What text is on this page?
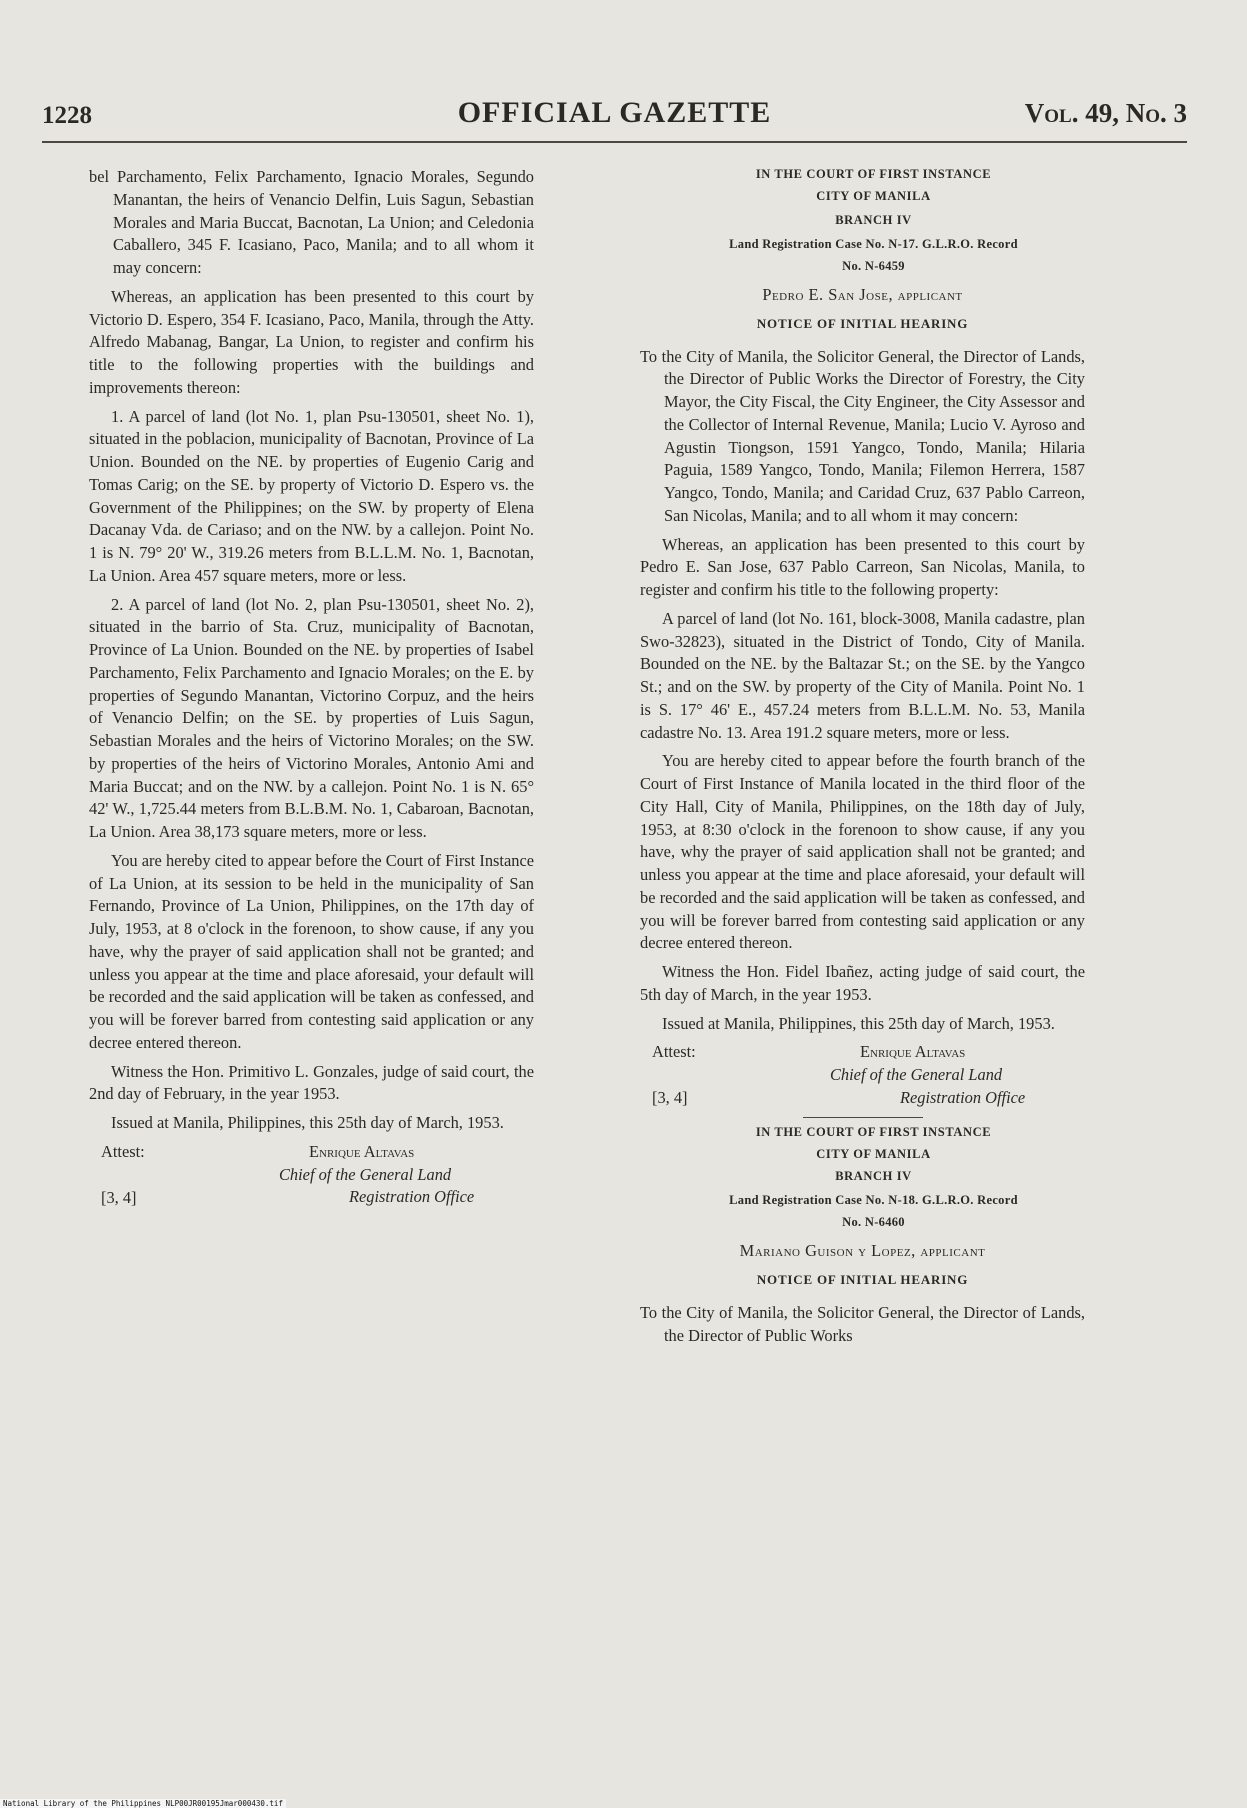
1228	OFFICIAL GAZETTE	Vol. 49, No. 3

bel Parchamento, Felix Parchamento, Ignacio Morales, Segundo Manantan, the heirs of Venancio Delfin, Luis Sagun, Sebastian Morales and Maria Buccat, Bacnotan, La Union; and Celedonia Caballero, 345 F. Icasiano, Paco, Manila; and to all whom it may concern:

Whereas, an application has been presented to this court by Victorio D. Espero, 354 F. Icasiano, Paco, Manila, through the Atty. Alfredo Mabanag, Bangar, La Union, to register and confirm his title to the following properties with the buildings and improvements thereon:

1. A parcel of land (lot No. 1, plan Psu-130501, sheet No. 1), situated in the poblacion, municipality of Bacnotan, Province of La Union. Bounded on the NE. by properties of Eugenio Carig and Tomas Carig; on the SE. by property of Victorio D. Espero vs. the Government of the Philippines; on the SW. by property of Elena Dacanay Vda. de Cariaso; and on the NW. by a callejon. Point No. 1 is N. 79° 20' W., 319.26 meters from B.L.L.M. No. 1, Bacnotan, La Union. Area 457 square meters, more or less.

2. A parcel of land (lot No. 2, plan Psu-130501, sheet No. 2), situated in the barrio of Sta. Cruz, municipality of Bacnotan, Province of La Union. Bounded on the NE. by properties of Isabel Parchamento, Felix Parchamento and Ignacio Morales; on the E. by properties of Segundo Manantan, Victorino Corpuz, and the heirs of Venancio Delfin; on the SE. by properties of Luis Sagun, Sebastian Morales and the heirs of Victorino Morales; on the SW. by properties of the heirs of Victorino Morales, Antonio Ami and Maria Buccat; and on the NW. by a callejon. Point No. 1 is N. 65° 42' W., 1,725.44 meters from B.L.B.M. No. 1, Cabaroan, Bacnotan, La Union. Area 38,173 square meters, more or less.

You are hereby cited to appear before the Court of First Instance of La Union, at its session to be held in the municipality of San Fernando, Province of La Union, Philippines, on the 17th day of July, 1953, at 8 o'clock in the forenoon, to show cause, if any you have, why the prayer of said application shall not be granted; and unless you appear at the time and place aforesaid, your default will be recorded and the said application will be taken as confessed, and you will be forever barred from contesting said application or any decree entered thereon.

Witness the Hon. Primitivo L. Gonzales, judge of said court, the 2nd day of February, in the year 1953.

Issued at Manila, Philippines, this 25th day of March, 1953.

Attest:
[3, 4]
Enrique Altavas
Chief of the General Land
Registration Office

IN THE COURT OF FIRST INSTANCE

CITY OF MANILA

BRANCH IV

Land Registration Case No. N-17. G.L.R.O. Record

No. N-6459

Pedro E. San Jose, applicant
NOTICE OF INITIAL HEARING

To the City of Manila, the Solicitor General, the Director of Lands, the Director of Public Works the Director of Forestry, the City Mayor, the City Fiscal, the City Engineer, the City Assessor and the Collector of Internal Revenue, Manila; Lucio V. Ayroso and Agustin Tiongson, 1591 Yangco, Tondo, Manila; Hilaria Paguia, 1589 Yangco, Tondo, Manila; Filemon Herrera, 1587 Yangco, Tondo, Manila; and Caridad Cruz, 637 Pablo Carreon, San Nicolas, Manila; and to all whom it may concern:

Whereas, an application has been presented to this court by Pedro E. San Jose, 637 Pablo Carreon, San Nicolas, Manila, to register and confirm his title to the following property:

A parcel of land (lot No. 161, block-3008, Manila cadastre, plan Swo-32823), situated in the District of Tondo, City of Manila. Bounded on the NE. by the Baltazar St.; on the SE. by the Yangco St.; and on the SW. by property of the City of Manila. Point No. 1 is S. 17° 46' E., 457.24 meters from B.L.L.M. No. 53, Manila cadastre No. 13. Area 191.2 square meters, more or less.

You are hereby cited to appear before the fourth branch of the Court of First Instance of Manila located in the third floor of the City Hall, City of Manila, Philippines, on the 18th day of July, 1953, at 8:30 o'clock in the forenoon to show cause, if any you have, why the prayer of said application shall not be granted; and unless you appear at the time and place aforesaid, your default will be recorded and the said application will be taken as confessed, and you will be forever barred from contesting said application or any decree entered thereon.

Witness the Hon. Fidel Ibañez, acting judge of said court, the 5th day of March, in the year 1953.

Issued at Manila, Philippines, this 25th day of March, 1953.

Attest:
[3, 4]
Enrique Altavas
Chief of the General Land
Registration Office

IN THE COURT OF FIRST INSTANCE

CITY OF MANILA

BRANCH IV

Land Registration Case No. N-18. G.L.R.O. Record

No. N-6460

Mariano Guison y Lopez, applicant
NOTICE OF INITIAL HEARING

To the City of Manila, the Solicitor General, the Director of Lands, the Director of Public Works

National Library of the Philippines NLP00JR00195Jmar000430.tif
